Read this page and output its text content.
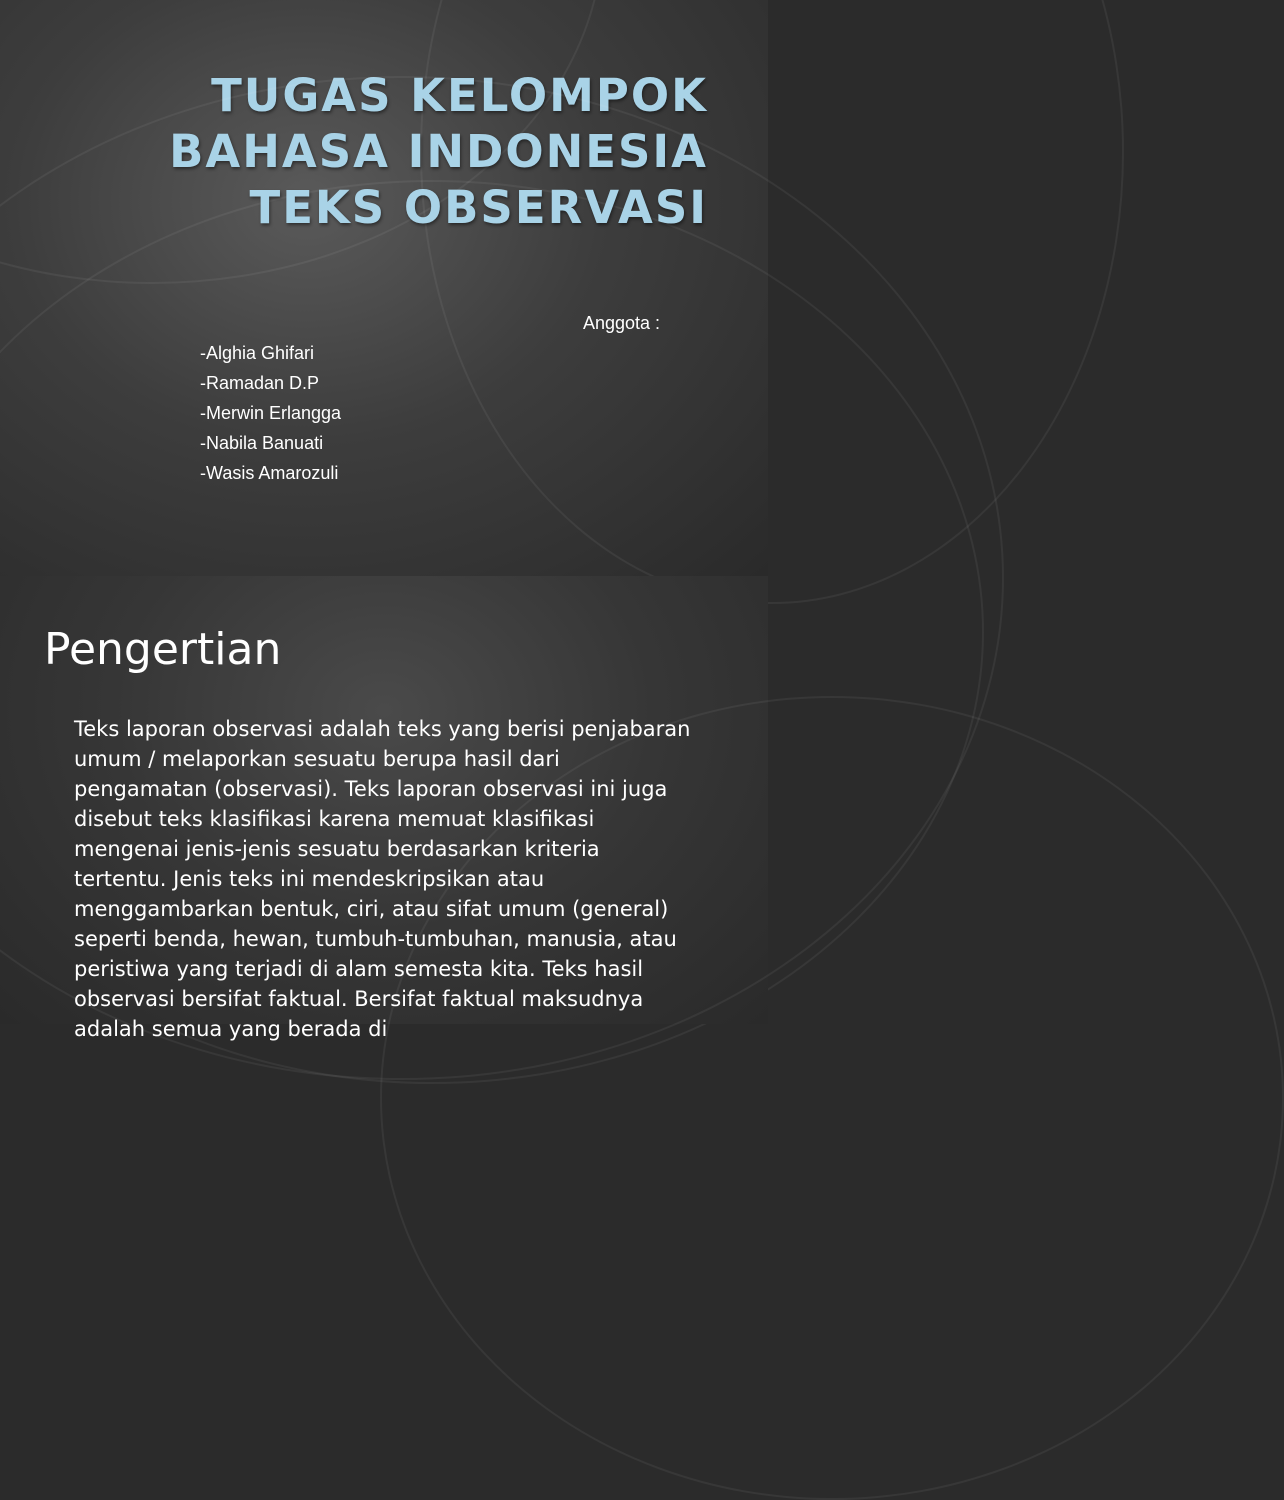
TUGAS KELOMPOK
BAHASA INDONESIA
TEKS OBSERVASI
Anggota :
-Alghia Ghifari
-Ramadan D.P
-Merwin Erlangga
-Nabila Banuati
-Wasis Amarozuli
Pengertian
Teks laporan observasi adalah teks yang berisi penjabaran umum / melaporkan sesuatu berupa hasil dari pengamatan (observasi). Teks laporan observasi ini juga disebut teks klasifikasi karena memuat klasifikasi mengenai jenis-jenis sesuatu berdasarkan kriteria tertentu. Jenis teks ini mendeskripsikan atau menggambarkan bentuk, ciri, atau sifat umum (general) seperti benda, hewan, tumbuh-tumbuhan, manusia, atau peristiwa yang terjadi di alam semesta kita. Teks hasil observasi bersifat faktual. Bersifat faktual maksudnya adalah semua yang berada di
